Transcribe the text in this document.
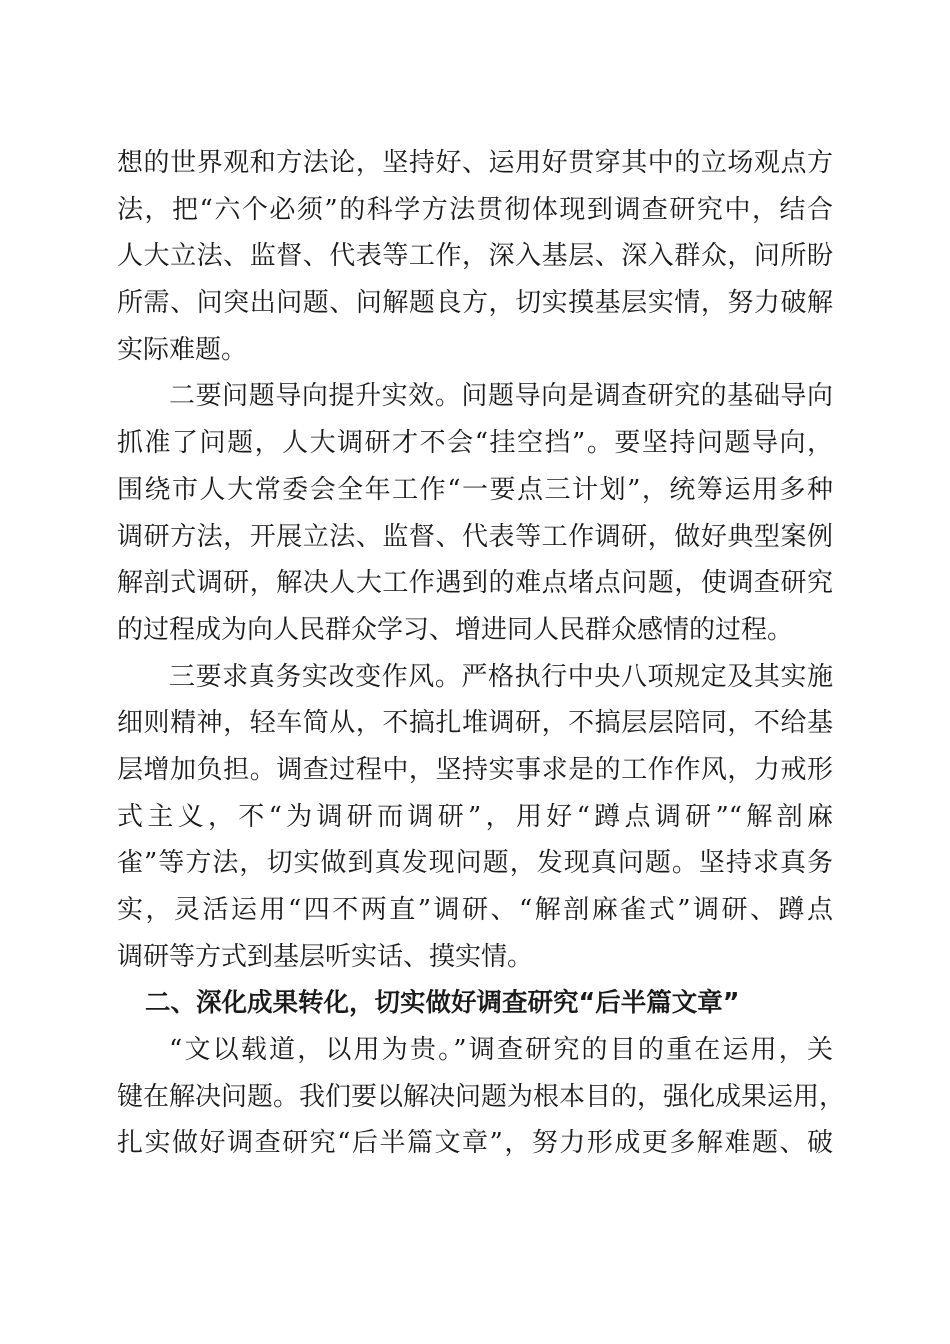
想的世界观和方法论，坚持好、运用好贯穿其中的立场观点方
法，把“六个必须”的科学方法贯彻体现到调查研究中，结合
人大立法、监督、代表等工作，深入基层、深入群众，问所盼
所需、问突出问题、问解题良方，切实摸基层实情，努力破解
实际难题。
二要问题导向提升实效。问题导向是调查研究的基础导向
抓准了问题，人大调研才不会“挂空挡”。要坚持问题导向，
围绕市人大常委会全年工作“一要点三计划”，统筹运用多种
调研方法，开展立法、监督、代表等工作调研，做好典型案例
解剖式调研，解决人大工作遇到的难点堵点问题，使调查研究
的过程成为向人民群众学习、增进同人民群众感情的过程。
三要求真务实改变作风。严格执行中央八项规定及其实施
细则精神，轻车简从，不搞扎堆调研，不搞层层陪同，不给基
层增加负担。调查过程中，坚持实事求是的工作作风，力戒形
式主义，不“为调研而调研”，用好“蹲点调研”“解剖麻
雀”等方法，切实做到真发现问题，发现真问题。坚持求真务
实，灵活运用“四不两直”调研、“解剖麻雀式”调研、蹲点
调研等方式到基层听实话、摸实情。
二、深化成果转化，切实做好调查研究“后半篇文章”
“文以载道，以用为贵。”调查研究的目的重在运用，关
键在解决问题。我们要以解决问题为根本目的，强化成果运用，
扎实做好调查研究“后半篇文章”，努力形成更多解难题、破
